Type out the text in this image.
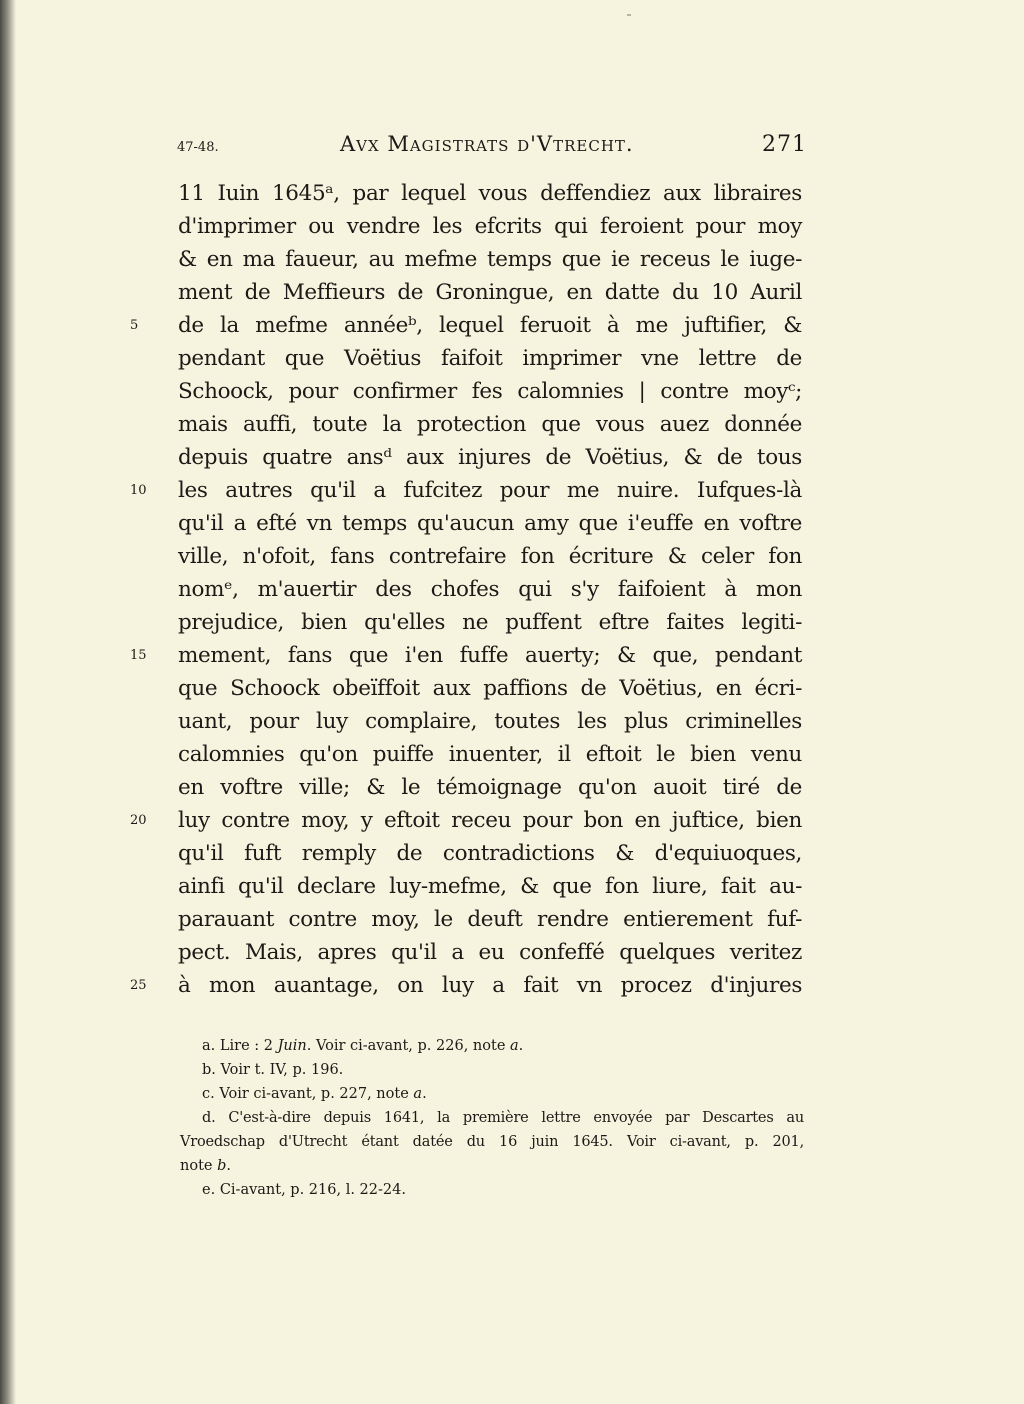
47-48.	Avx Magistrats d'Vtrecht.	271
11 Iuin 1645ᵃ, par lequel vous deffendiez aux libraires
d'imprimer ou vendre les efcrits qui feroient pour moy
& en ma faueur, au mefme temps que ie receus le iuge-
ment de Meffieurs de Groningue, en datte du 10 Auril
de la mefme annéeᵇ, lequel feruoit à me juftifier, &
pendant que Voëtius faifoit imprimer vne lettre de
Schoock, pour confirmer fes calomnies | contre moyᶜ;
mais auffi, toute la protection que vous auez donnée
depuis quatre ansᵈ aux injures de Voëtius, & de tous
les autres qu'il a fufcitez pour me nuire. Iufques-là
qu'il a efté vn temps qu'aucun amy que i'euffe en voftre
ville, n'ofoit, fans contrefaire fon écriture & celer fon
nomᵉ, m'auertir des chofes qui s'y faifoient à mon
prejudice, bien qu'elles ne puffent eftre faites legiti-
mement, fans que i'en fuffe auerty; & que, pendant
que Schoock obeïffoit aux paffions de Voëtius, en écri-
uant, pour luy complaire, toutes les plus criminelles
calomnies qu'on puiffe inuenter, il eftoit le bien venu
en voftre ville; & le témoignage qu'on auoit tiré de
luy contre moy, y eftoit receu pour bon en juftice, bien
qu'il fuft remply de contradictions & d'equiuoques,
ainfi qu'il declare luy-mefme, & que fon liure, fait au-
parauant contre moy, le deuft rendre entierement fuf-
pect. Mais, apres qu'il a eu confeffé quelques veritez
à mon auantage, on luy a fait vn procez d'injures
5
10
15
20
25
a. Lire : 2 Juin. Voir ci-avant, p. 226, note a.
b. Voir t. IV, p. 196.
c. Voir ci-avant, p. 227, note a.
d. C'est-à-dire depuis 1641, la première lettre envoyée par Descartes au
Vroedschap d'Utrecht étant datée du 16 juin 1645. Voir ci-avant, p. 201,
note b.
e. Ci-avant, p. 216, l. 22-24.
